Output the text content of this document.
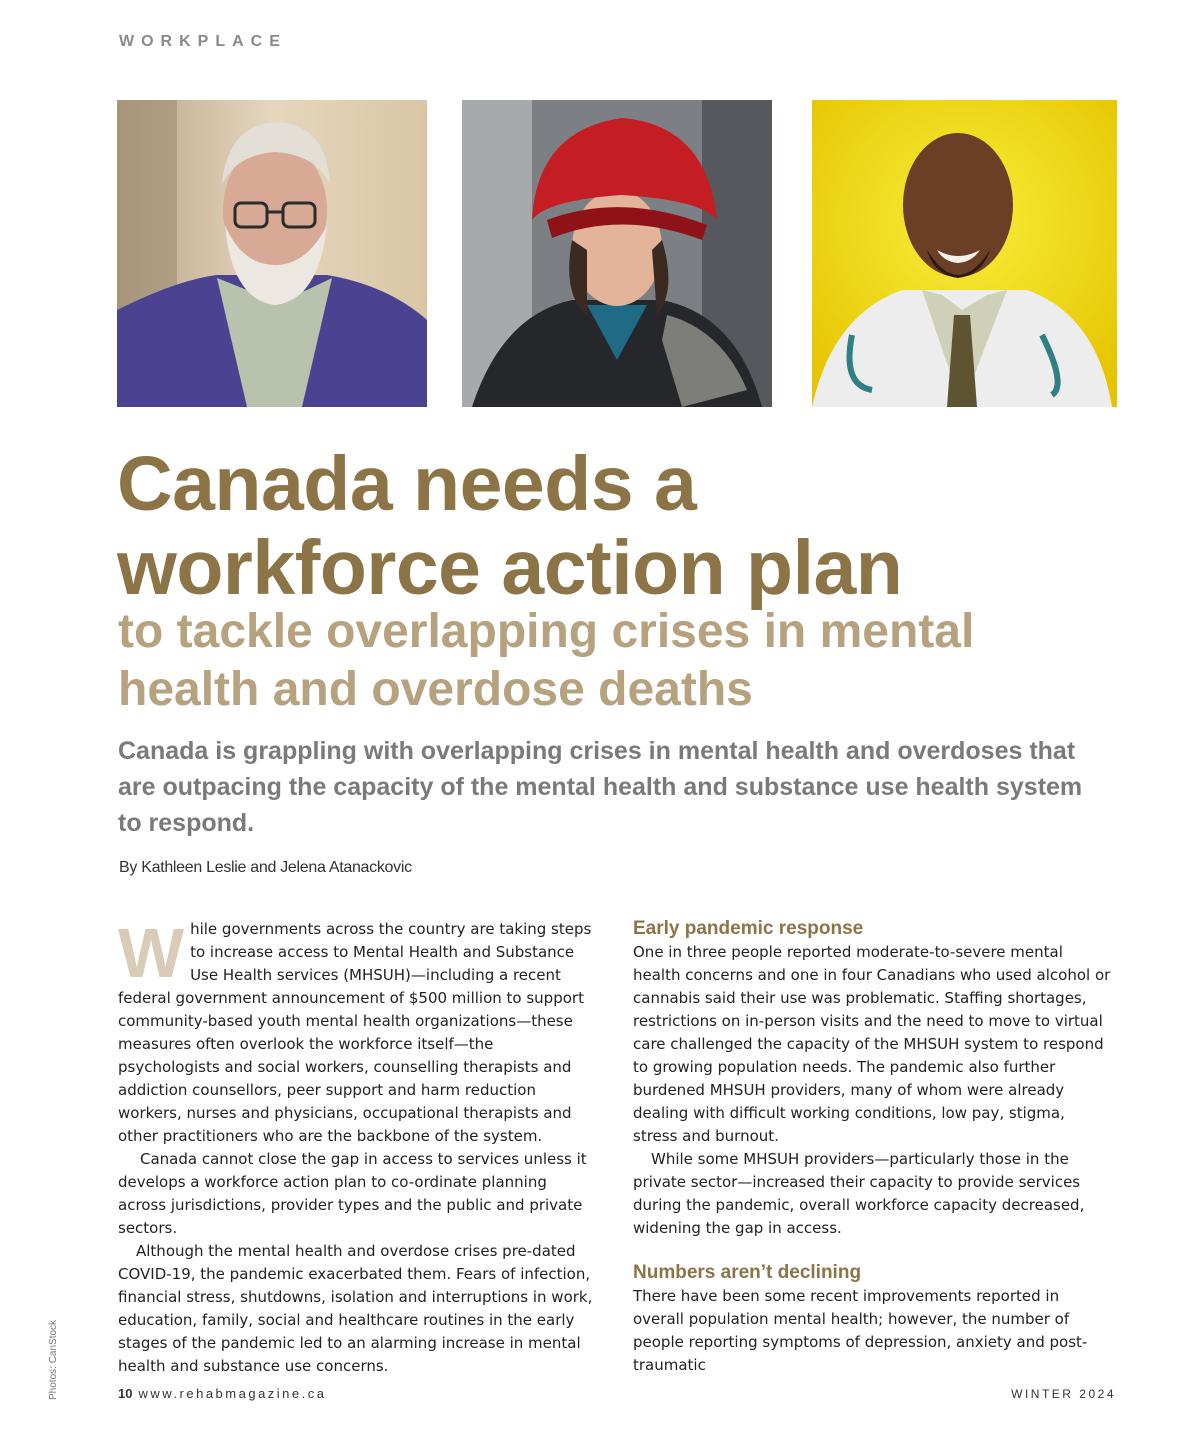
WORKPLACE
Canada needs a
workforce action plan
to tackle overlapping crises in mental
health and overdose deaths
Canada is grappling with overlapping crises in mental health and overdoses that are outpacing the capacity of the mental health and substance use health system to respond.
By Kathleen Leslie and Jelena Atanackovic
W hile governments across the country are taking steps
to increase access to Mental Health and Substance
Use Health services (MHSUH)—including a recent

federal government announcement of $500 million to support community-based youth mental health organizations—these measures often overlook the workforce itself—the psychologists and social workers, counselling therapists and addiction counsellors, peer support and harm reduction workers, nurses and physicians, occupational therapists and other practitioners who are the backbone of the system.

Canada cannot close the gap in access to services unless it develops a workforce action plan to co-ordinate planning across jurisdictions, provider types and the public and private sectors.

Although the mental health and overdose crises pre-dated COVID-19, the pandemic exacerbated them. Fears of infection, financial stress, shutdowns, isolation and interruptions in work, education, family, social and healthcare routines in the early stages of the pandemic led to an alarming increase in mental health and substance use concerns.

Early pandemic response

One in three people reported moderate-to-severe mental health concerns and one in four Canadians who used alcohol or cannabis said their use was problematic. Staffing shortages, restrictions on in-person visits and the need to move to virtual care challenged the capacity of the MHSUH system to respond to growing population needs. The pandemic also further burdened MHSUH providers, many of whom were already dealing with difficult working conditions, low pay, stigma, stress and burnout.

While some MHSUH providers—particularly those in the private sector—increased their capacity to provide services during the pandemic, overall workforce capacity decreased, widening the gap in access.

Numbers aren’t declining

There have been some recent improvements reported in overall population mental health; however, the number of people reporting symptoms of depression, anxiety and post-traumatic

Photos: CanStock	10 www.rehabmagazine.ca	WINTER 2024
